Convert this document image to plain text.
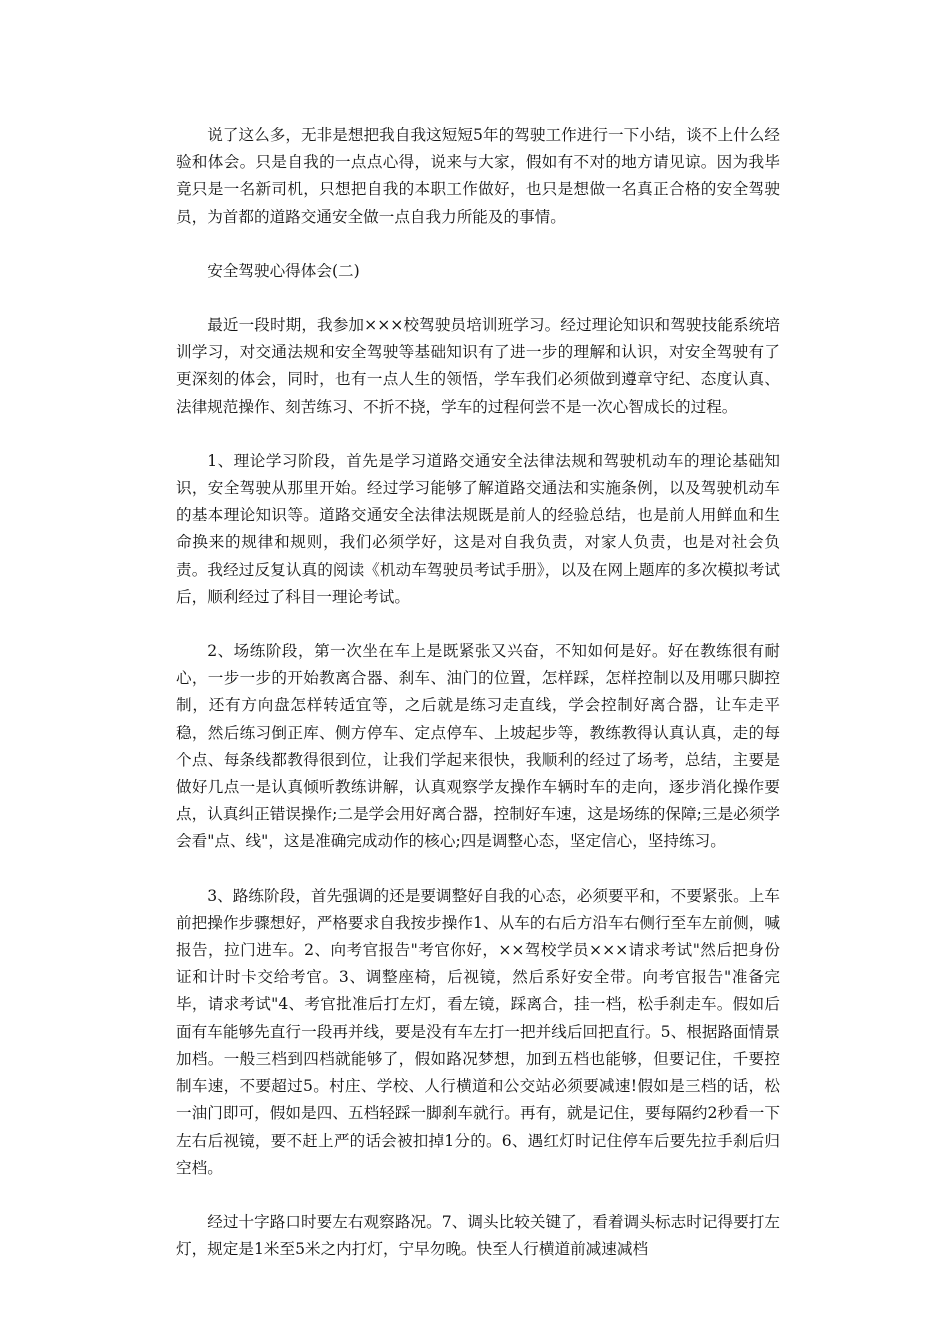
说了这么多，无非是想把我自我这短短5年的驾驶工作进行一下小结，谈不上什么经验和体会。只是自我的一点点心得，说来与大家，假如有不对的地方请见谅。因为我毕竟只是一名新司机，只想把自我的本职工作做好，也只是想做一名真正合格的安全驾驶员，为首都的道路交通安全做一点自我力所能及的事情。

安全驾驶心得体会(二)

最近一段时期，我参加×××校驾驶员培训班学习。经过理论知识和驾驶技能系统培训学习，对交通法规和安全驾驶等基础知识有了进一步的理解和认识，对安全驾驶有了更深刻的体会，同时，也有一点人生的领悟，学车我们必须做到遵章守纪、态度认真、法律规范操作、刻苦练习、不折不挠，学车的过程何尝不是一次心智成长的过程。

1、理论学习阶段，首先是学习道路交通安全法律法规和驾驶机动车的理论基础知识，安全驾驶从那里开始。经过学习能够了解道路交通法和实施条例，以及驾驶机动车的基本理论知识等。道路交通安全法律法规既是前人的经验总结，也是前人用鲜血和生命换来的规律和规则，我们必须学好，这是对自我负责，对家人负责，也是对社会负责。我经过反复认真的阅读《机动车驾驶员考试手册》，以及在网上题库的多次模拟考试后，顺利经过了科目一理论考试。

2、场练阶段，第一次坐在车上是既紧张又兴奋，不知如何是好。好在教练很有耐心，一步一步的开始教离合器、刹车、油门的位置，怎样踩，怎样控制以及用哪只脚控制，还有方向盘怎样转适宜等，之后就是练习走直线，学会控制好离合器，让车走平稳，然后练习倒正库、侧方停车、定点停车、上坡起步等，教练教得认真认真，走的每个点、每条线都教得很到位，让我们学起来很快，我顺利的经过了场考，总结，主要是做好几点一是认真倾听教练讲解，认真观察学友操作车辆时车的走向，逐步消化操作要点，认真纠正错误操作;二是学会用好离合器，控制好车速，这是场练的保障;三是必须学会看"点、线"，这是准确完成动作的核心;四是调整心态，坚定信心，坚持练习。

3、路练阶段，首先强调的还是要调整好自我的心态，必须要平和，不要紧张。上车前把操作步骤想好，严格要求自我按步操作1、从车的右后方沿车右侧行至车左前侧，喊报告，拉门进车。2、向考官报告"考官你好，××驾校学员×××请求考试"然后把身份证和计时卡交给考官。3、调整座椅，后视镜，然后系好安全带。向考官报告"准备完毕，请求考试"4、考官批准后打左灯，看左镜，踩离合，挂一档，松手刹走车。假如后面有车能够先直行一段再并线，要是没有车左打一把并线后回把直行。5、根据路面情景加档。一般三档到四档就能够了，假如路况梦想，加到五档也能够，但要记住，千要控制车速，不要超过5。村庄、学校、人行横道和公交站必须要减速!假如是三档的话，松一油门即可，假如是四、五档轻踩一脚刹车就行。再有，就是记住，要每隔约2秒看一下左右后视镜，要不赶上严的话会被扣掉1分的。6、遇红灯时记住停车后要先拉手刹后归空档。

经过十字路口时要左右观察路况。7、调头比较关键了，看着调头标志时记得要打左灯，规定是1米至5米之内打灯，宁早勿晚。快至人行横道前减速减档
